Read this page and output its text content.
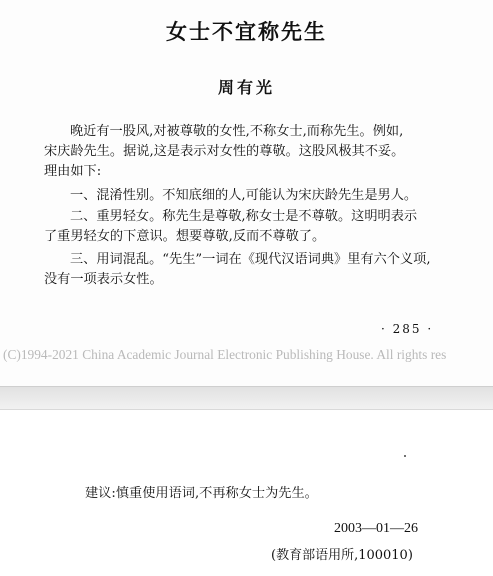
女士不宜称先生
周有光
晚近有一股风,对被尊敬的女性,不称女士,而称先生。例如,
宋庆龄先生。据说,这是表示对女性的尊敬。这股风极其不妥。
理由如下:
一、混淆性别。不知底细的人,可能认为宋庆龄先生是男人。
二、重男轻女。称先生是尊敬,称女士是不尊敬。这明明表示
了重男轻女的下意识。想要尊敬,反而不尊敬了。
三、用词混乱。“先生”一词在《现代汉语词典》里有六个义项,
没有一项表示女性。
· 285 ·
(C)1994-2021 China Academic Journal Electronic Publishing House. All rights res
建议:慎重使用语词,不再称女士为先生。
2003—01—26
(教育部语用所,100010)
